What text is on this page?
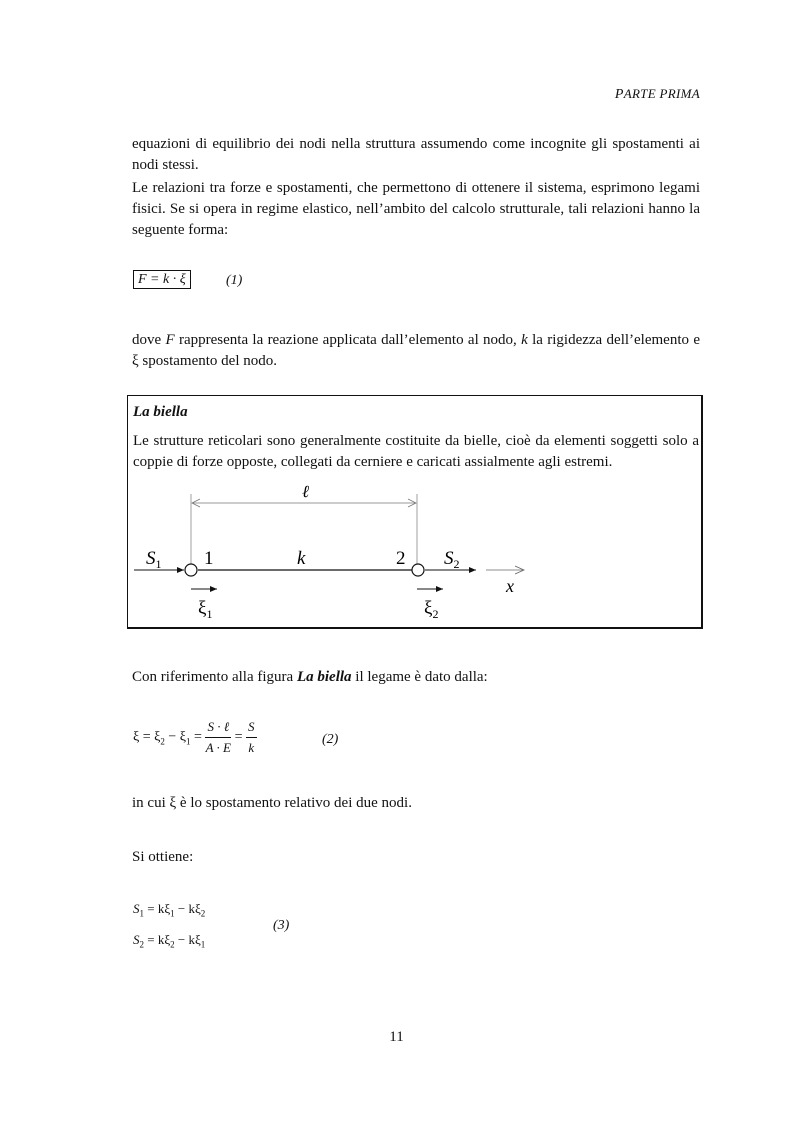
PARTE PRIMA

equazioni di equilibrio dei nodi nella struttura assumendo come incognite gli spostamenti ai nodi stessi.

Le relazioni tra forze e spostamenti, che permettono di ottenere il sistema, esprimono legami fisici. Se si opera in regime elastico, nell’ambito del calcolo strutturale, tali relazioni hanno la seguente forma:

F = k · ξ	(1)

dove F rappresenta la reazione applicata dall’elemento al nodo, k la rigidezza dell’elemento e ξ spostamento del nodo.

La biella

Le strutture reticolari sono generalmente costituite da bielle, cioè da elementi soggetti solo a coppie di forze opposte, collegati da cerniere e caricati assialmente agli estremi.

ℓ
$S_1$ 1	k	2 $S_2$
x
$\xi_1$	$\xi_2$

Con riferimento alla figura La biella il legame è dato dalla:

$\xi = \xi_2 - \xi_1 = \frac{\text{S · ℓ}}{A \cdot E} = \frac{S}{k}$	(2)

in cui ξ è lo spostamento relativo dei due nodi.

Si ottiene:

$S_1 = k\xi_1 - k\xi_2$
$S_2 = k\xi_2 - k\xi_1$
(3)
11
